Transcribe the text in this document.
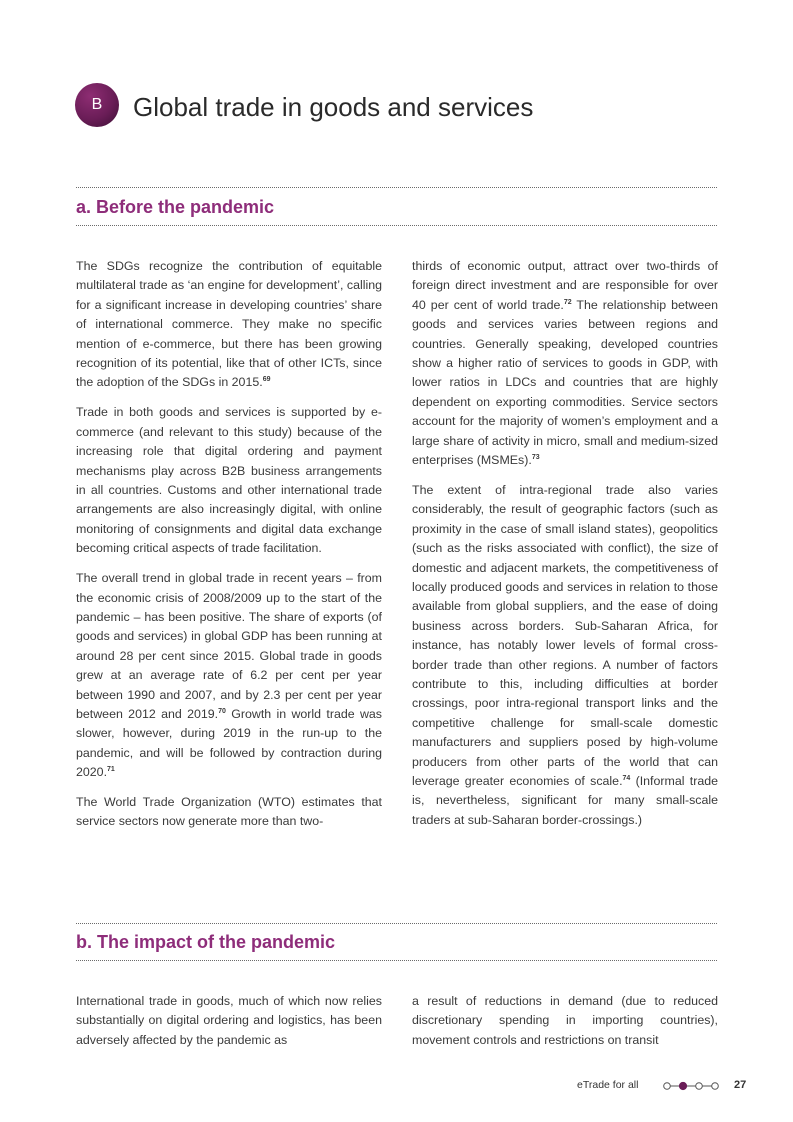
B	Global trade in goods and services
a. Before the pandemic

The SDGs recognize the contribution of equitable multilateral trade as ‘an engine for development’, calling for a significant increase in developing countries’ share of international commerce. They make no specific mention of e-commerce, but there has been growing recognition of its potential, like that of other ICTs, since the adoption of the SDGs in 2015.69

Trade in both goods and services is supported by e-commerce (and relevant to this study) because of the increasing role that digital ordering and payment mechanisms play across B2B business arrangements in all countries. Customs and other international trade arrangements are also increasingly digital, with online monitoring of consignments and digital data exchange becoming critical aspects of trade facilitation.

The overall trend in global trade in recent years – from the economic crisis of 2008/2009 up to the start of the pandemic – has been positive. The share of exports (of goods and services) in global GDP has been running at around 28 per cent since 2015. Global trade in goods grew at an average rate of 6.2 per cent per year between 1990 and 2007, and by 2.3 per cent per year between 2012 and 2019.70 Growth in world trade was slower, however, during 2019 in the run-up to the pandemic, and will be followed by contraction during 2020.71

The World Trade Organization (WTO) estimates that service sectors now generate more than two-

thirds of economic output, attract over two-thirds of foreign direct investment and are responsible for over 40 per cent of world trade.$^{72}$ The relationship between goods and services varies between regions and countries. Generally speaking, developed countries show a higher ratio of services to goods in GDP, with lower ratios in LDCs and countries that are highly dependent on exporting commodities. Service sectors account for the majority of women’s employment and a large share of activity in micro, small and medium-sized enterprises (MSMEs).$^{73}$

The extent of intra-regional trade also varies considerably, the result of geographic factors (such as proximity in the case of small island states), geopolitics (such as the risks associated with conflict), the size of domestic and adjacent markets, the competitiveness of locally produced goods and services in relation to those available from global suppliers, and the ease of doing business across borders. Sub-Saharan Africa, for instance, has notably lower levels of formal cross-border trade than other regions. A number of factors contribute to this, including difficulties at border crossings, poor intra-regional transport links and the competitive challenge for small-scale domestic manufacturers and suppliers posed by high-volume producers from other parts of the world that can leverage greater economies of scale.$^{74}$ (Informal trade is, nevertheless, significant for many small-scale traders at sub-Saharan border-crossings.)

b. The impact of the pandemic

International trade in goods, much of which now relies substantially on digital ordering and logistics, has been adversely affected by the pandemic as

a result of reductions in demand (due to reduced discretionary spending in importing countries), movement controls and restrictions on transit

eTrade for all	27
